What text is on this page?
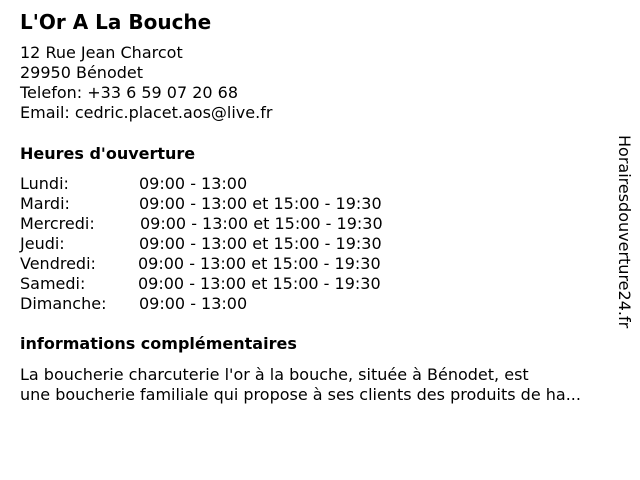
L'Or A La Bouche
12 Rue Jean Charcot
29950 Bénodet
Telefon: +33 6 59 07 20 68
Email: cedric.placet.aos@live.fr
Heures d'ouverture
Lundi:	09:00 - 13:00
Mardi:	09:00 - 13:00 et 15:00 - 19:30
Mercredi:	09:00 - 13:00 et 15:00 - 19:30
Jeudi:	09:00 - 13:00 et 15:00 - 19:30
Vendredi:	09:00 - 13:00 et 15:00 - 19:30
Samedi:	09:00 - 13:00 et 15:00 - 19:30
Dimanche:	09:00 - 13:00
informations complémentaires
La boucherie charcuterie l'or à la bouche, située à Bénodet, est
une boucherie familiale qui propose à ses clients des produits de ha...
Horairesdouverture24.fr
